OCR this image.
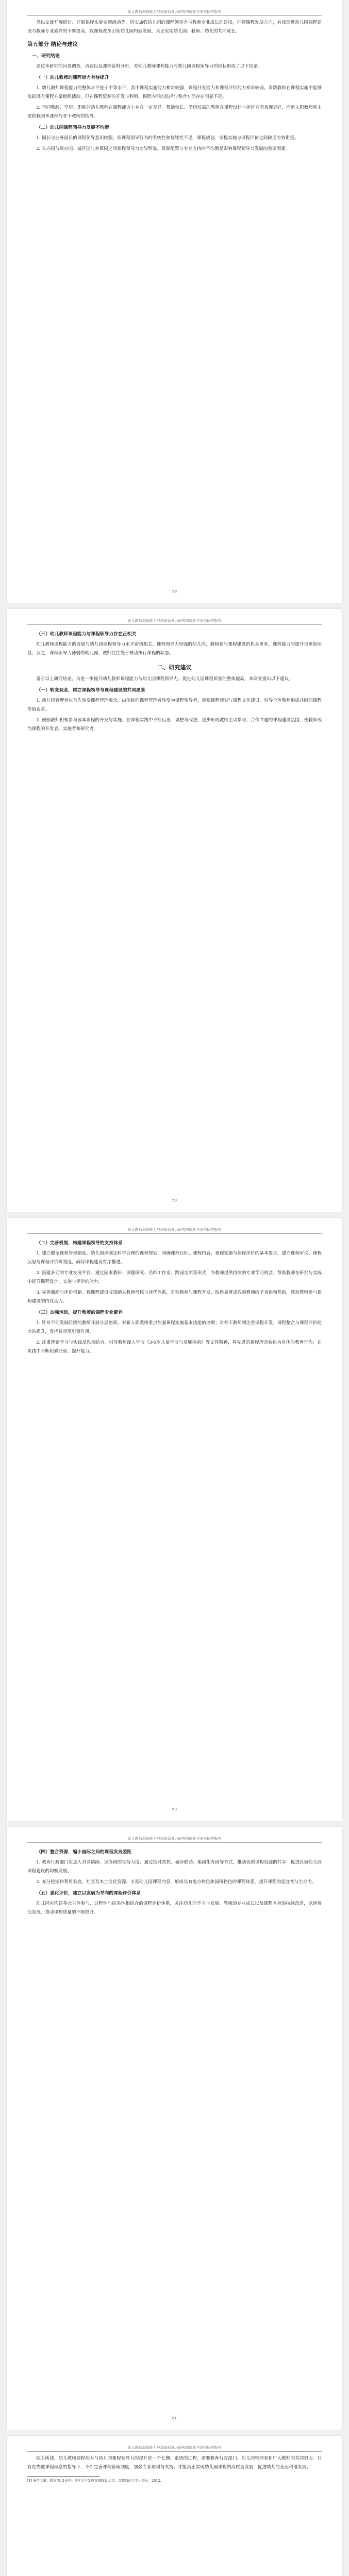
幼儿教师课程能力与课程领导力研究的现状与发展研究报告

外出交流开展研讨、开展课程实施专题活动等，切实加强幼儿园的课程领导力与教师专业成长的建设，把握课程发展方向，有效促进幼儿园课程建设与教师专业素养的不断提高，以课程改革引领幼儿园内涵发展，真正实现幼儿园、教师、幼儿的共同成长。

第五部分 结论与建议
一、研究结论

通过本研究的问卷调查、访谈以及课程资料分析，对幼儿教师课程能力与幼儿园课程领导力的现状形成了以下结论。

（一）幼儿教师的课程能力有待提升

1. 幼儿教师课程能力的整体水平处于中等水平，其中课程实施能力相对较强，课程开发能力和课程评价能力相对较弱。多数教师在课程实施中能够依据既有课程方案组织活动，但在课程资源的开发与利用、课程内容的选择与整合方面存在明显不足。

2. 不同教龄、学历、职称的幼儿教师在课程能力上存在一定差异。教龄较长、学历较高的教师在课程设计与评价方面表现更好，而新入职教师则主要依赖园本课程与骨干教师的指导。

（二）幼儿园课程领导力发展不均衡

1. 园长与业务园长的课程领导意识较强，但课程领导行为的系统性和持续性不足，课程规划、课程实施与课程评价之间缺乏有效衔接。

2. 公办园与民办园、城区园与乡镇园之间课程领导力差异明显，资源配置与专业支持的不均衡是影响课程领导力发展的重要因素。

58
幼儿教师课程能力与课程领导力研究的现状与发展研究报告
（三）幼儿教师课程能力与课程领导力存在正相关

幼儿教师课程能力的发展与幼儿园课程领导力水平密切相关。课程领导力较强的幼儿园，教师参与课程建设的机会更多，课程能力的提升也更加明显；反之，课程领导力薄弱的幼儿园，教师往往处于被动执行课程的状态。

二、研究建议

基于以上研究结论，为进一步提升幼儿教师课程能力与幼儿园课程领导力，促进幼儿园课程质量的整体提高，本研究提出以下建议。

（一）转变观念，树立课程领导与课程建设的共同愿景

1. 幼儿园管理者应首先转变课程管理观念，由传统的课程管理者转变为课程领导者，重视课程规划与课程文化建设，引导全体教师形成共同的课程价值追求。

2. 鼓励教师积极参与园本课程的开发与实施，在课程实践中不断反思、调整与改进，逐步形成教师主动参与、合作共建的课程建设氛围，使教师成为课程的开发者、实施者和研究者。

59
幼儿教师课程能力与课程领导力研究的现状与发展研究报告
（二）完善机制，构建课程领导的支持体系

1. 建立健全课程管理制度。幼儿园应制定科学合理的课程规划，明确课程目标、课程内容、课程实施与课程评价的基本要求，建立课程审议、课程反思与课程评价等制度，确保课程建设有序推进。

2. 搭建多元的专业发展平台。通过园本教研、课题研究、名师工作室、跨园交流等形式，为教师提供持续的专业学习机会，帮助教师在研究与实践中提升课程设计、实施与评价的能力。

3. 完善激励与评价机制。将课程建设成果纳入教师考核与评优体系，对积极参与课程开发、取得显著成效的教师给予表彰和奖励，激发教师参与课程建设的内在动力。

（三）加强培训，提升教师的课程专业素养

1. 针对不同发展阶段的教师开展分层培训。对新入职教师重点加强课程实施基本技能的培训；对骨干教师则注重课程开发、课程整合与课程评价能力的提升，发挥其示范引领作用。

2. 注重理论学习与实践反思相结合。引导教师深入学习《3-6岁儿童学习与发展指南》等文件精神，将先进的课程理念转化为具体的教育行为，在实践中不断积累经验、提升能力。

60
幼儿教师课程能力与课程领导力研究的现状与发展研究报告
（四）整合资源，缩小园际之间的课程发展差距

1. 教育行政部门应加大对乡镇园、民办园的支持力度，通过结对帮扶、城乡联动、集团化办园等方式，推动优质课程资源的共享，促进区域幼儿园课程建设的均衡发展。

2. 充分挖掘和利用家庭、社区及本土文化资源，丰富幼儿园课程内容，形成具有地方特色和园所特色的课程体系，提升课程的适宜性与生命力。

（五）强化评价，建立以发展为导向的课程评价体系

幼儿园应构建多元主体参与、过程性与结果性相结合的课程评价体系，关注幼儿的学习与发展、教师的专业成长以及课程本身的持续改进，以评价促发展，推动课程质量的不断提升。

61
幼儿教师课程能力与课程领导力研究的现状与发展研究报告

综上所述，幼儿教师课程能力与幼儿园课程领导力的提升是一个长期、系统的过程，需要教育行政部门、幼儿园管理者和广大教师的共同努力。只有在先进课程理念的指导下，不断完善课程管理制度，加强专业培训与支持，才能真正实现幼儿园课程的高质量发展，促进幼儿的全面和谐发展。

[1] 参考文献：教育部. 3-6岁儿童学习与发展指南[S]. 北京：首都师范大学出版社，2012.
